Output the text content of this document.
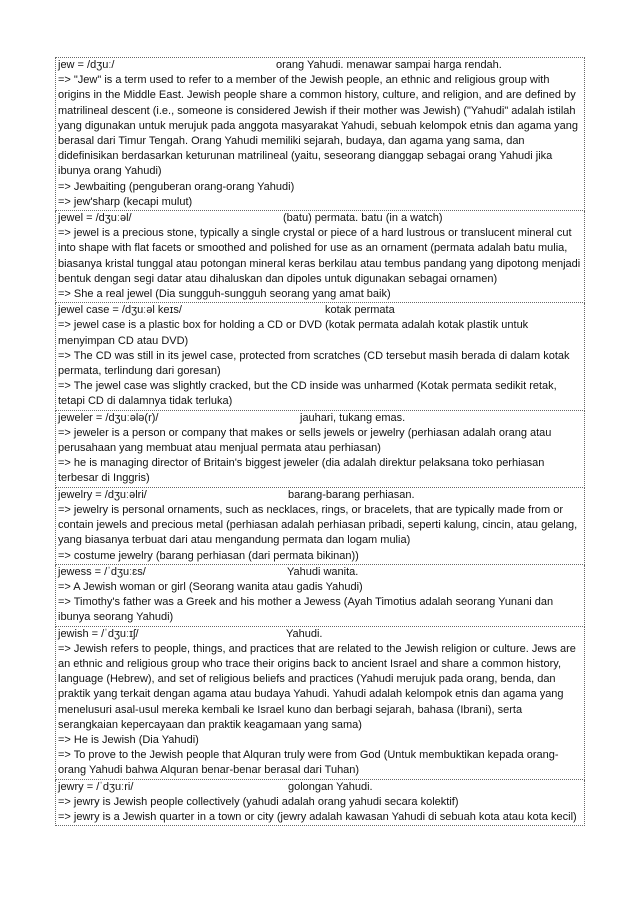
jew = /dʒuː/	orang Yahudi. menawar sampai harga rendah.
=> "Jew" is a term used to refer to a member of the Jewish people, an ethnic and religious group with origins in the Middle East. Jewish people share a common history, culture, and religion, and are defined by matrilineal descent (i.e., someone is considered Jewish if their mother was Jewish) ("Yahudi" adalah istilah yang digunakan untuk merujuk pada anggota masyarakat Yahudi, sebuah kelompok etnis dan agama yang berasal dari Timur Tengah. Orang Yahudi memiliki sejarah, budaya, dan agama yang sama, dan didefinisikan berdasarkan keturunan matrilineal (yaitu, seseorang dianggap sebagai orang Yahudi jika ibunya orang Yahudi)
=> Jewbaiting (penguberan orang-orang Yahudi)
=> jew'sharp (kecapi mulut)
jewel = /dʒuːəl/	(batu) permata. batu (in a watch)
=> jewel is a precious stone, typically a single crystal or piece of a hard lustrous or translucent mineral cut into shape with flat facets or smoothed and polished for use as an ornament (permata adalah batu mulia, biasanya kristal tunggal atau potongan mineral keras berkilau atau tembus pandang yang dipotong menjadi bentuk dengan segi datar atau dihaluskan dan dipoles untuk digunakan sebagai ornamen)
=> She a real jewel (Dia sungguh-sungguh seorang yang amat baik)
jewel case = /dʒuːəl keɪs/	kotak permata
=> jewel case is a plastic box for holding a CD or DVD (kotak permata adalah kotak plastik untuk menyimpan CD atau DVD)
=> The CD was still in its jewel case, protected from scratches (CD tersebut masih berada di dalam kotak permata, terlindung dari goresan)
=> The jewel case was slightly cracked, but the CD inside was unharmed (Kotak permata sedikit retak, tetapi CD di dalamnya tidak terluka)
jeweler = /dʒuːələ(r)/	jauhari, tukang emas.
=> jeweler is a person or company that makes or sells jewels or jewelry (perhiasan adalah orang atau perusahaan yang membuat atau menjual permata atau perhiasan)
=> he is managing director of Britain's biggest jeweler (dia adalah direktur pelaksana toko perhiasan terbesar di Inggris)
jewelry = /dʒuːəlri/	barang-barang perhiasan.
=> jewelry is personal ornaments, such as necklaces, rings, or bracelets, that are typically made from or contain jewels and precious metal (perhiasan adalah perhiasan pribadi, seperti kalung, cincin, atau gelang, yang biasanya terbuat dari atau mengandung permata dan logam mulia)
=> costume jewelry (barang perhiasan (dari permata bikinan))
jewess = /ˈdʒuːɛs/	Yahudi wanita.
=> A Jewish woman or girl (Seorang wanita atau gadis Yahudi)
=> Timothy's father was a Greek and his mother a Jewess (Ayah Timotius adalah seorang Yunani dan ibunya seorang Yahudi)
jewish = /ˈdʒuːɪʃ/	Yahudi.
=> Jewish refers to people, things, and practices that are related to the Jewish religion or culture. Jews are an ethnic and religious group who trace their origins back to ancient Israel and share a common history, language (Hebrew), and set of religious beliefs and practices (Yahudi merujuk pada orang, benda, dan praktik yang terkait dengan agama atau budaya Yahudi. Yahudi adalah kelompok etnis dan agama yang menelusuri asal-usul mereka kembali ke Israel kuno dan berbagi sejarah, bahasa (Ibrani), serta serangkaian kepercayaan dan praktik keagamaan yang sama)
=> He is Jewish (Dia Yahudi)
=> To prove to the Jewish people that Alquran truly were from God (Untuk membuktikan kepada orang-orang Yahudi bahwa Alquran benar-benar berasal dari Tuhan)
jewry = /ˈdʒuːri/	golongan Yahudi.
=> jewry is Jewish people collectively (yahudi adalah orang yahudi secara kolektif)
=> jewry is a Jewish quarter in a town or city (jewry adalah kawasan Yahudi di sebuah kota atau kota kecil)
